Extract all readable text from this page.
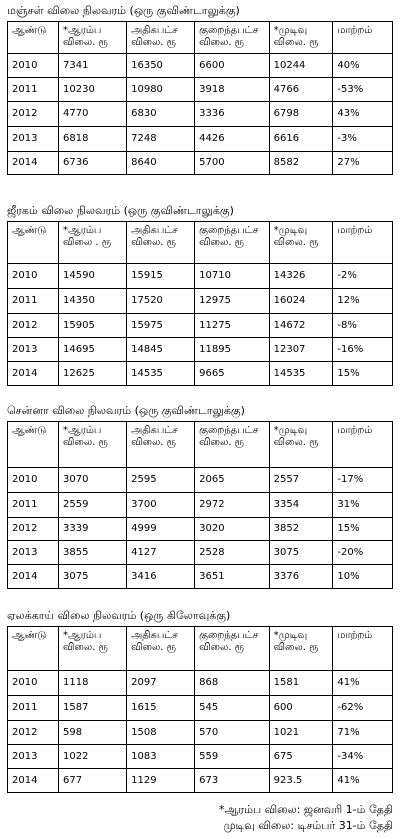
மஞ்சள் விலை நிலவரம் (ஒரு குவிண்டாலுக்கு)
ஆண்டு	*ஆரம்ப விலை. ரூ	அதிகபட்ச விலை. ரூ	குறைந்தபட்ச விலை. ரூ	*முடிவு விலை. ரூ	மாற்றம்
2010	7341	16350	6600	10244	40%
2011	10230	10980	3918	4766	-53%
2012	4770	6830	3336	6798	43%
2013	6818	7248	4426	6616	-3%
2014	6736	8640	5700	8582	27%
ஜீரகம் விலை நிலவரம் (ஒரு குவிண்டாலுக்கு)
ஆண்டு	*ஆரம்ப விலை . ரூ	அதிகபட்ச விலை. ரூ	குறைந்தபட்ச விலை. ரூ	*முடிவு விலை. ரூ	மாற்றம்
2010	14590	15915	10710	14326	-2%
2011	14350	17520	12975	16024	12%
2012	15905	15975	11275	14672	-8%
2013	14695	14845	11895	12307	-16%
2014	12625	14535	9665	14535	15%
சென்னா விலை நிலவரம் (ஒரு குவிண்டாலுக்கு)
ஆண்டு	*ஆரம்ப விலை. ரூ	அதிகபட்ச விலை. ரூ	குறைந்தபட்ச விலை. ரூ	*முடிவு விலை. ரூ	மாற்றம்
2010	3070	2595	2065	2557	-17%
2011	2559	3700	2972	3354	31%
2012	3339	4999	3020	3852	15%
2013	3855	4127	2528	3075	-20%
2014	3075	3416	3651	3376	10%
ஏலக்காய் விலை நிலவரம் (ஒரு கிலோவுக்கு)
ஆண்டு	*ஆரம்ப விலை. ரூ	அதிகபட்ச விலை. ரூ	குறைந்தபட்ச விலை. ரூ	*முடிவு விலை. ரூ	மாற்றம்
2010	1118	2097	868	1581	41%
2011	1587	1615	545	600	-62%
2012	598	1508	570	1021	71%
2013	1022	1083	559	675	-34%
2014	677	1129	673	923.5	41%
*ஆரம்ப விலை: ஜனவரி 1-ம் தேதி
முடிவு விலை: டிசம்பர் 31-ம் தேதி
